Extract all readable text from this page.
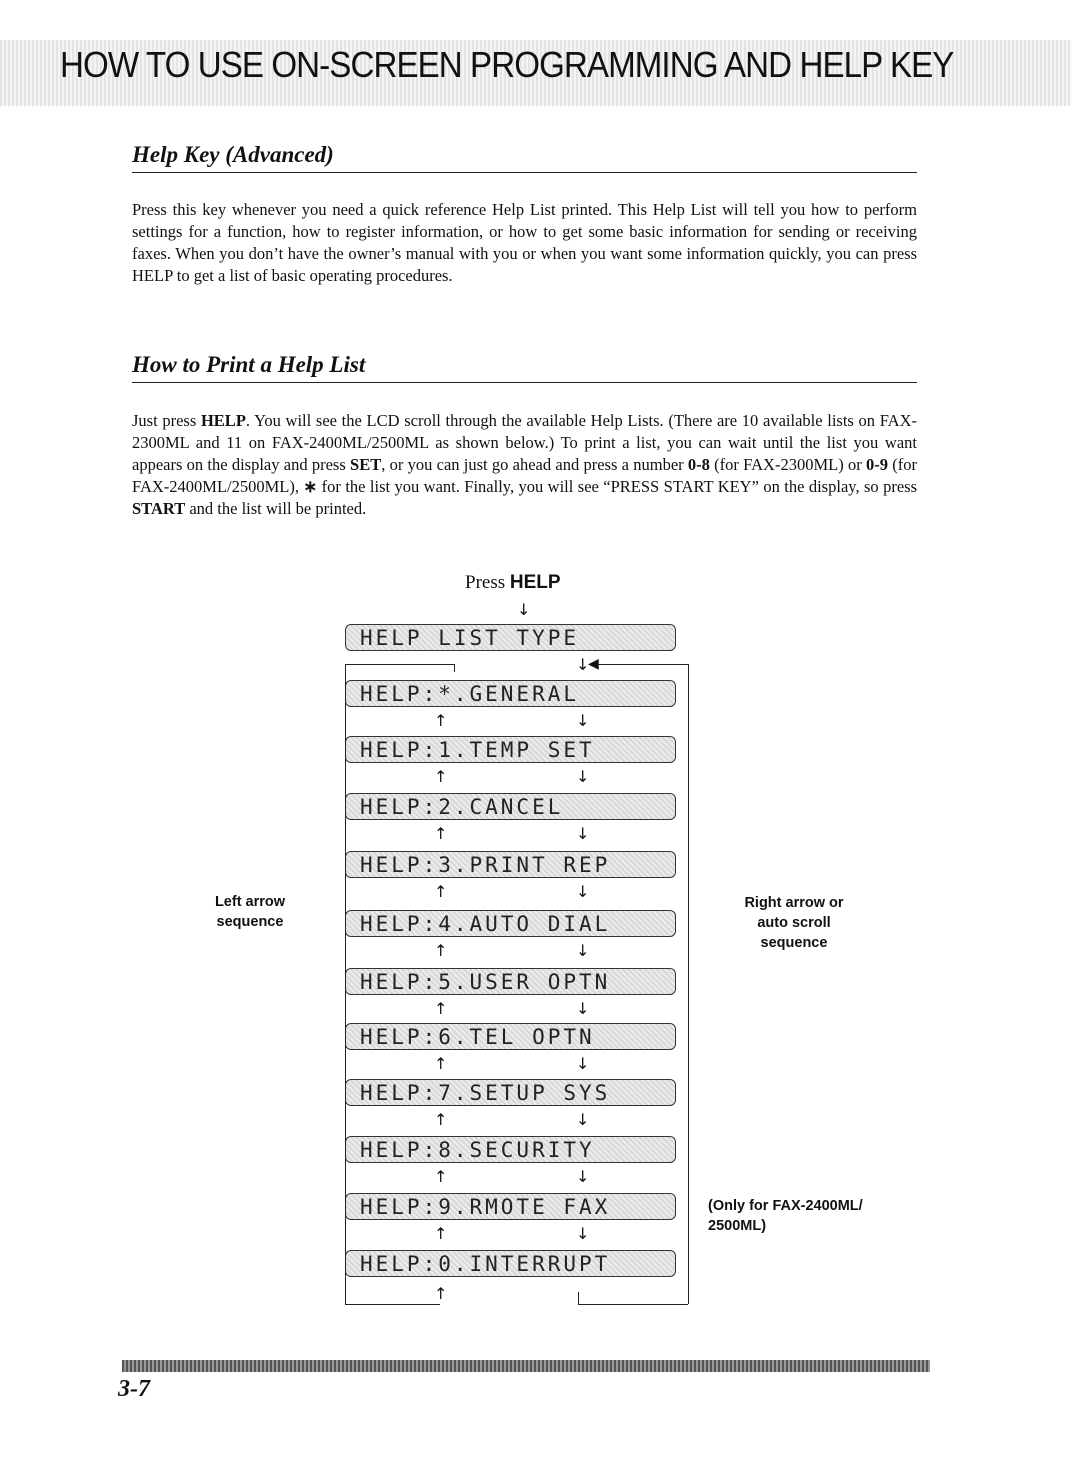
HOW TO USE ON-SCREEN PROGRAMMING AND HELP KEY
Help Key (Advanced)
Press this key whenever you need a quick reference Help List printed. This Help List will tell you how to perform settings for a function, how to register information, or how to get some basic information for sending or receiving faxes. When you don’t have the owner’s manual with you or when you want some information quickly, you can press HELP to get a list of basic operating procedures.
How to Print a Help List
Just press HELP. You will see the LCD scroll through the available Help Lists. (There are 10 available lists on FAX-2300ML and 11 on FAX-2400ML/2500ML as shown below.) To print a list, you can wait until the list you want appears on the display and press SET, or you can just go ahead and press a number 0-8 (for FAX-2300ML) or 0-9 (for FAX-2400ML/2500ML), ∗ for the list you want. Finally, you will see “PRESS START KEY” on the display, so press START and the list will be printed.
Press HELP
Left arrow sequence
Right arrow or auto scroll sequence
(Only for FAX-2400ML/ 2500ML)
3-7
HELP LIST TYPE
HELP:*.GENERAL
↑	↓
HELP:1.TEMP SET
↑	↓
HELP:2.CANCEL
↑	↓
HELP:3.PRINT REP
↑	↓
HELP:4.AUTO DIAL
↑	↓
HELP:5.USER OPTN
↑	↓
HELP:6.TEL OPTN
↑	↓
HELP:7.SETUP SYS
↑	↓
HELP:8.SECURITY
↑	↓
HELP:9.RMOTE FAX
↑	↓
HELP:0.INTERRUPT
↓
↓
◀
↑
